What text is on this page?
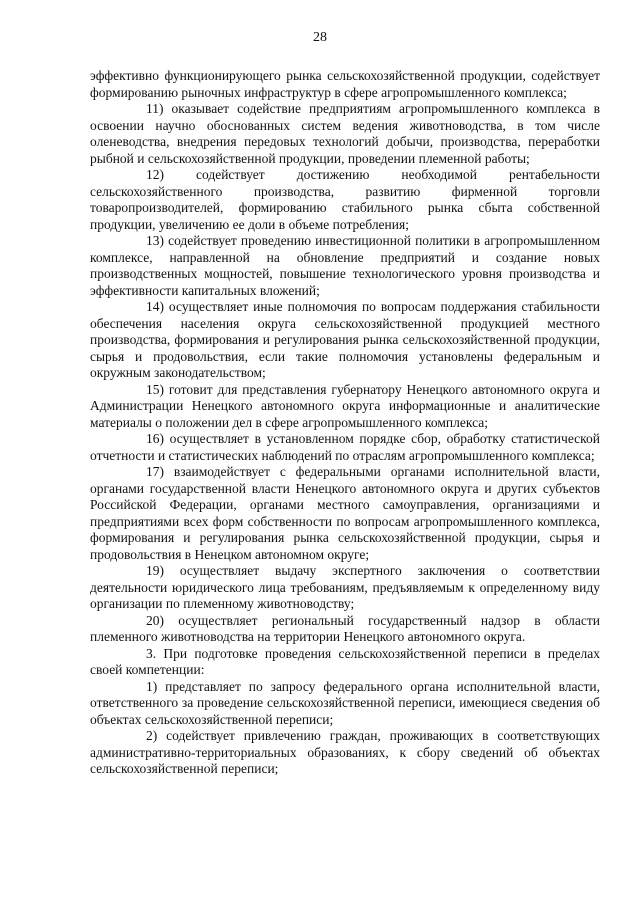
28

эффективно функционирующего рынка сельскохозяйственной продукции, содействует формированию рыночных инфраструктур в сфере агропромышленного комплекса;

11) оказывает содействие предприятиям агропромышленного комплекса в освоении научно обоснованных систем ведения животноводства, в том числе оленеводства, внедрения передовых технологий добычи, производства, переработки рыбной и сельскохозяйственной продукции, проведении племенной работы;

12) содействует достижению необходимой рентабельности сельскохозяйственного производства, развитию фирменной торговли товаропроизводителей, формированию стабильного рынка сбыта собственной продукции, увеличению ее доли в объеме потребления;

13) содействует проведению инвестиционной политики в агропромышленном комплексе, направленной на обновление предприятий и создание новых производственных мощностей, повышение технологического уровня производства и эффективности капитальных вложений;

14) осуществляет иные полномочия по вопросам поддержания стабильности обеспечения населения округа сельскохозяйственной продукцией местного производства, формирования и регулирования рынка сельскохозяйственной продукции, сырья и продовольствия, если такие полномочия установлены федеральным и окружным законодательством;

15) готовит для представления губернатору Ненецкого автономного округа и Администрации Ненецкого автономного округа информационные и аналитические материалы о положении дел в сфере агропромышленного комплекса;

16) осуществляет в установленном порядке сбор, обработку статистической отчетности и статистических наблюдений по отраслям агропромышленного комплекса;

17) взаимодействует с федеральными органами исполнительной власти, органами государственной власти Ненецкого автономного округа и других субъектов Российской Федерации, органами местного самоуправления, организациями и предприятиями всех форм собственности по вопросам агропромышленного комплекса, формирования и регулирования рынка сельскохозяйственной продукции, сырья и продовольствия в Ненецком автономном округе;

19) осуществляет выдачу экспертного заключения о соответствии деятельности юридического лица требованиям, предъявляемым к определенному виду организации по племенному животноводству;

20) осуществляет региональный государственный надзор в области племенного животноводства на территории Ненецкого автономного округа.

3. При подготовке проведения сельскохозяйственной переписи в пределах своей компетенции:

1) представляет по запросу федерального органа исполнительной власти, ответственного за проведение сельскохозяйственной переписи, имеющиеся сведения об объектах сельскохозяйственной переписи;

2) содействует привлечению граждан, проживающих в соответствующих административно-территориальных образованиях, к сбору сведений об объектах сельскохозяйственной переписи;
